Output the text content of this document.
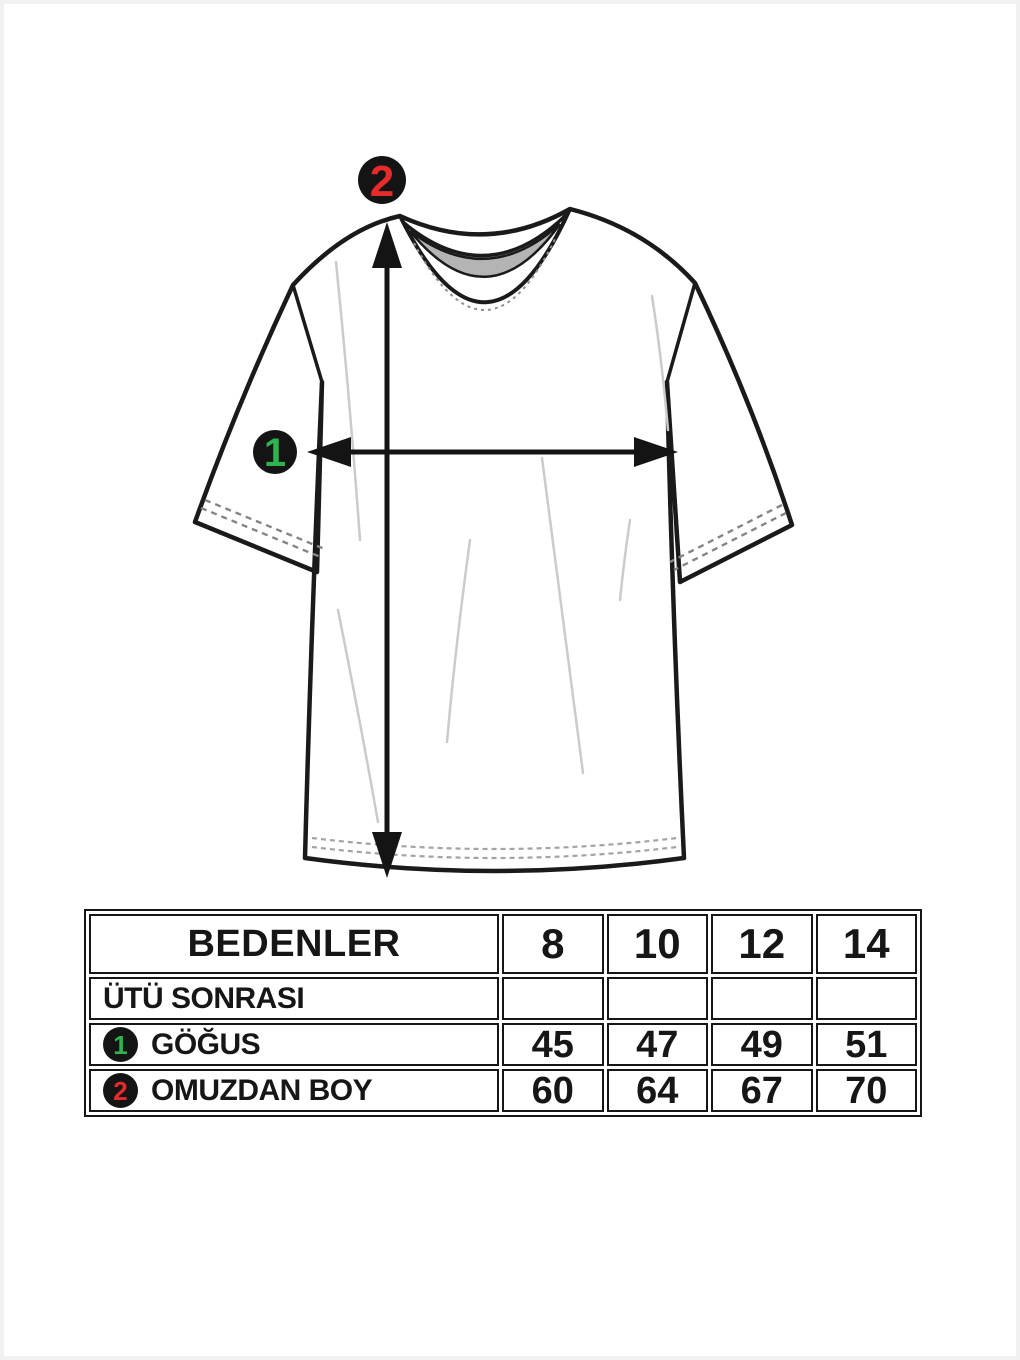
2
1
BEDENLER	8	10	12	14

ÜTÜ SONRASI				

1 GÖĞUS	45	47	49	51

2 OMUZDAN BOY	60	64	67	70
